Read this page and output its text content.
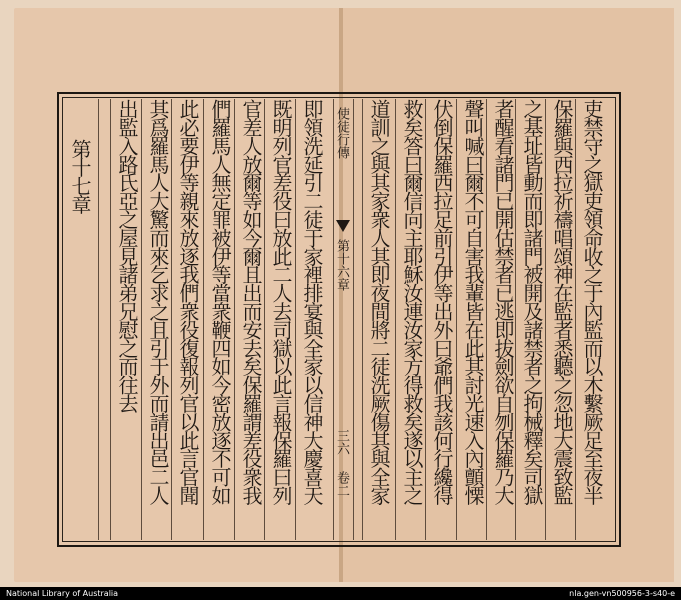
吏禁守之獄吏領命收之于內監而以木繫厥足至夜半
保羅與西拉祈禱唱頌神在監者悉聽之忽地大震致監
之基址皆動而即諸門被開及諸禁者之拘械釋矣司獄
者醒看諸門已開估禁者已逃即拔劍欲自刎保羅乃大
聲叫喊曰爾不可自害我輩皆在此其討光速入內顫慄
伏倒保羅西拉足前引伊等出外曰爺們我該何行纔得
救矣答曰爾信向主耶穌汝連汝家方得救矣遂以主之
道訓之與其家衆人其即夜間將二徒洗厥傷其與全家
使徒行傳
第十六章
三六
卷二
即領洗延引二徒于家裡排宴與全家以信神大慶喜天
既明列官差役曰放此二人去司獄以此言報保羅曰列
官差人放爾等如今爾且出而安去矣保羅謂差役衆我
們羅馬人無定罪被伊等當衆鞭四如今密放逐不可如
此必要伊等親來放逐我們衆役復報列官以此言官聞
其爲羅馬人大驚而來乞求之且引于外而請出邑二人
出監入路氏亞之屋見諸弟兄慰之而往去
第十七章
National Library of Australia	nla.gen-vn500956-3-s40-e
